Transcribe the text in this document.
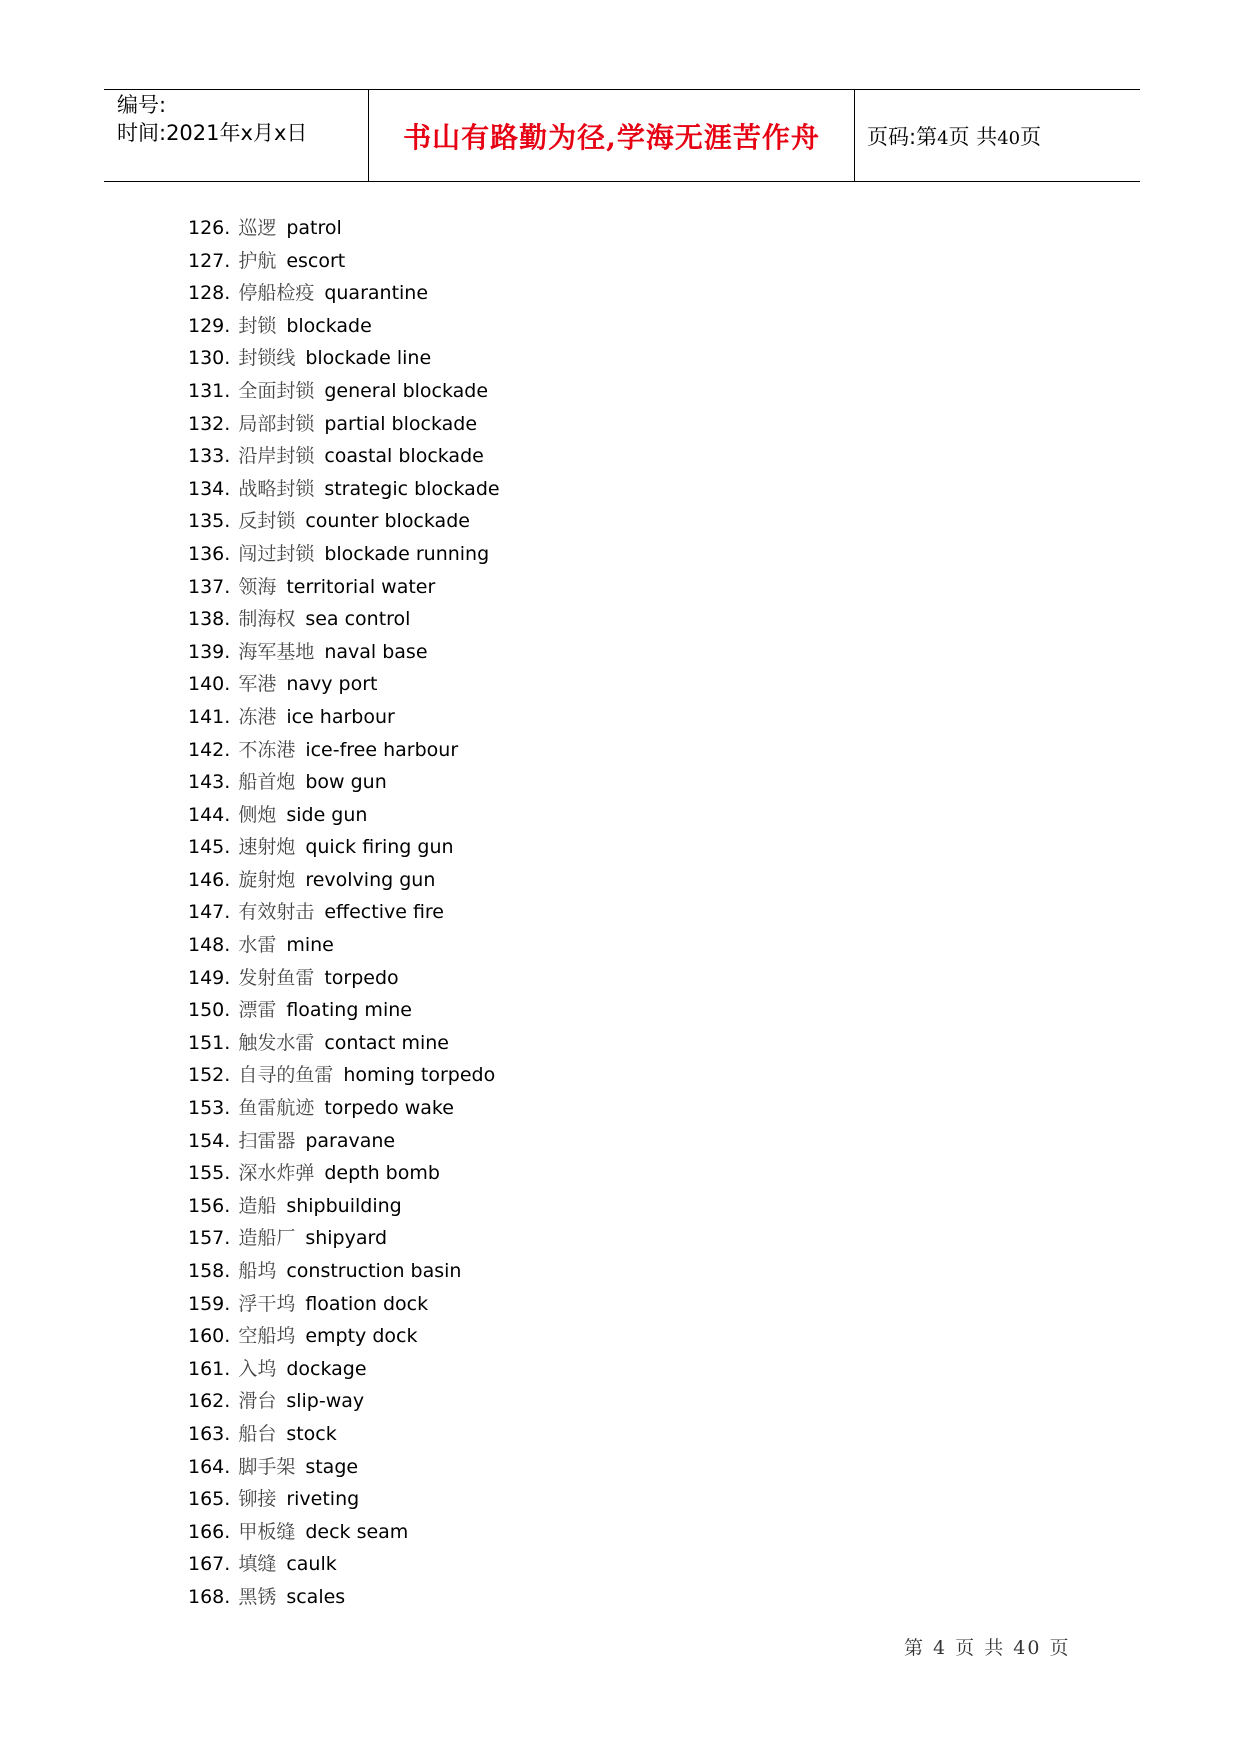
编号:
时间:2021年x月x日	书山有路勤为径,学海无涯苦作舟 页码:第4页 共40页
126. 巡逻 patrol
127. 护航 escort
128. 停船检疫 quarantine
129. 封锁 blockade
130. 封锁线 blockade line
131. 全面封锁 general blockade
132. 局部封锁 partial blockade
133. 沿岸封锁 coastal blockade
134. 战略封锁 strategic blockade
135. 反封锁 counter blockade
136. 闯过封锁 blockade running
137. 领海 territorial water
138. 制海权 sea control
139. 海军基地 naval base
140. 军港 navy port
141. 冻港 ice harbour
142. 不冻港 ice-free harbour
143. 船首炮 bow gun
144. 侧炮 side gun
145. 速射炮 quick firing gun
146. 旋射炮 revolving gun
147. 有效射击 effective fire
148. 水雷 mine
149. 发射鱼雷 torpedo
150. 漂雷 floating mine
151. 触发水雷 contact mine
152. 自寻的鱼雷 homing torpedo
153. 鱼雷航迹 torpedo wake
154. 扫雷器 paravane
155. 深水炸弹 depth bomb
156. 造船 shipbuilding
157. 造船厂 shipyard
158. 船坞 construction basin
159. 浮干坞 floation dock
160. 空船坞 empty dock
161. 入坞 dockage
162. 滑台 slip-way
163. 船台 stock
164. 脚手架 stage
165. 铆接 riveting
166. 甲板缝 deck seam
167. 填缝 caulk
168. 黑锈 scales
第 4 页 共 40 页
